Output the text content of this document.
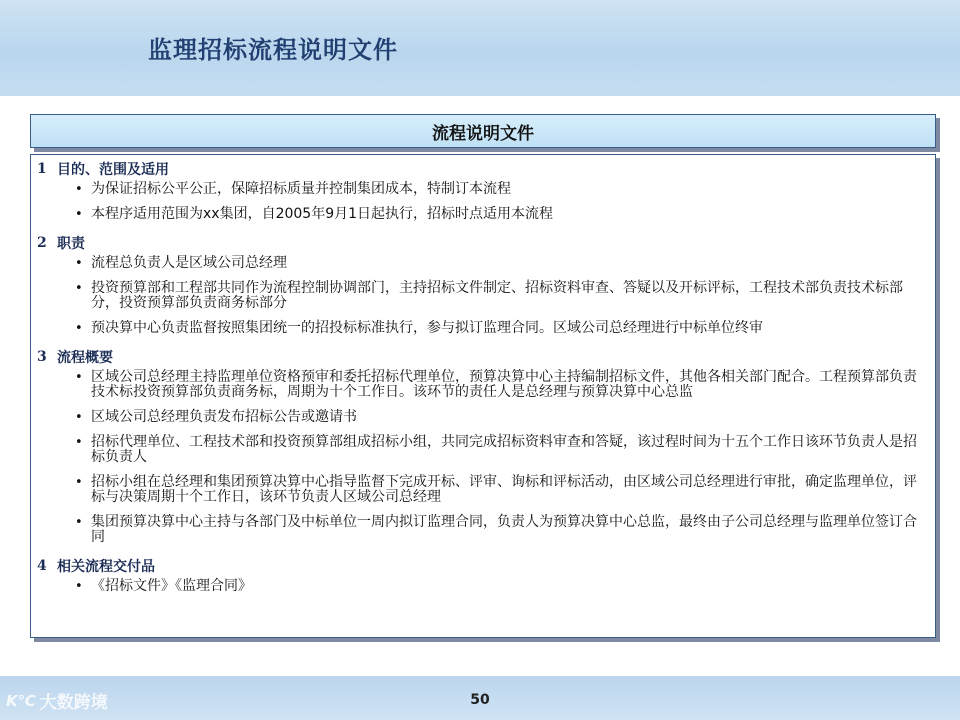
监理招标流程说明文件
流程说明文件
1 目的、范围及适用
• 为保证招标公平公正，保障招标质量并控制集团成本，特制订本流程
• 本程序适用范围为xx集团，自2005年9月1日起执行，招标时点适用本流程
2 职责
• 流程总负责人是区域公司总经理
• 投资预算部和工程部共同作为流程控制协调部门，主持招标文件制定、招标资料审查、答疑以及开标评标，工程技术部负责技术标部分，投资预算部负责商务标部分
• 预决算中心负责监督按照集团统一的招投标标准执行，参与拟订监理合同。区域公司总经理进行中标单位终审
3 流程概要
• 区域公司总经理主持监理单位资格预审和委托招标代理单位，预算决算中心主持编制招标文件，其他各相关部门配合。工程预算部负责技术标投资预算部负责商务标，周期为十个工作日。该环节的责任人是总经理与预算决算中心总监
• 区域公司总经理负责发布招标公告或邀请书
• 招标代理单位、工程技术部和投资预算部组成招标小组，共同完成招标资料审查和答疑，该过程时间为十五个工作日该环节负责人是招标负责人
• 招标小组在总经理和集团预算决算中心指导监督下完成开标、评审、询标和评标活动，由区域公司总经理进行审批，确定监理单位，评标与决策周期十个工作日，该环节负责人区域公司总经理
• 集团预算决算中心主持与各部门及中标单位一周内拟订监理合同，负责人为预算决算中心总监，最终由子公司总经理与监理单位签订合同
4 相关流程交付品
• 《招标文件》《监理合同》
K℃ 大数跨境	50
